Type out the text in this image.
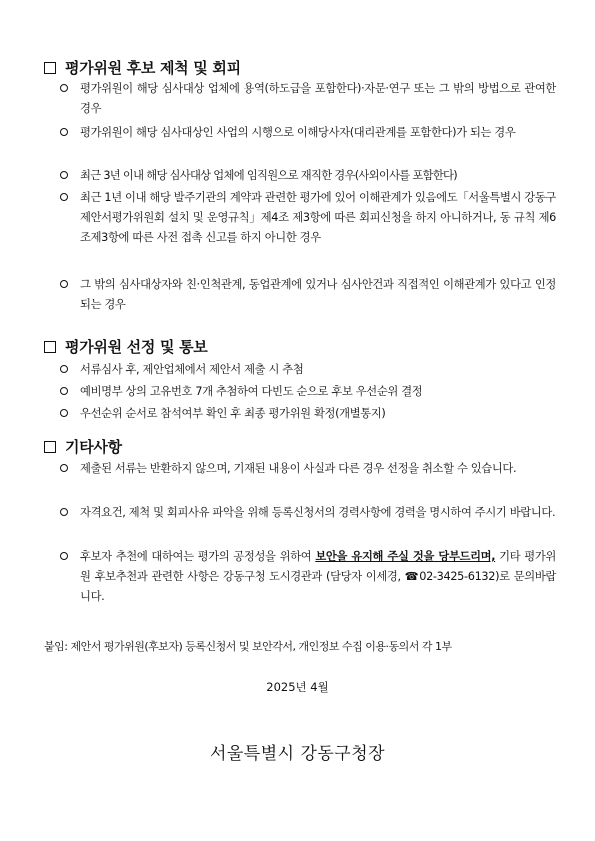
평가위원 후보 제척 및 회피
평가위원이 해당 심사대상 업체에 용역(하도급을 포함한다)·자문·연구 또는 그 밖의 방법으로 관여한 경우
평가위원이 해당 심사대상인 사업의 시행으로 이해당사자(대리관계를 포함한다)가 되는 경우
최근 3년 이내 해당 심사대상 업체에 임직원으로 재직한 경우(사외이사를 포함한다)
최근 1년 이내 해당 발주기관의 계약과 관련한 평가에 있어 이해관계가 있음에도「서울특별시 강동구 제안서평가위원회 설치 및 운영규칙」제4조 제3항에 따른 회피신청을 하지 아니하거나, 동 규칙 제6조제3항에 따른 사전 접촉 신고를 하지 아니한 경우
그 밖의 심사대상자와 친·인척관계, 동업관계에 있거나 심사안건과 직접적인 이해관계가 있다고 인정되는 경우
평가위원 선정 및 통보
서류심사 후, 제안업체에서 제안서 제출 시 추첨
예비명부 상의 고유번호 7개 추첨하여 다빈도 순으로 후보 우선순위 결정
우선순위 순서로 참석여부 확인 후 최종 평가위원 확정(개별통지)
기타사항
제출된 서류는 반환하지 않으며, 기재된 내용이 사실과 다른 경우 선정을 취소할 수 있습니다.
자격요건, 제척 및 회피사유 파악을 위해 등록신청서의 경력사항에 경력을 명시하여 주시기 바랍니다.
후보자 추천에 대하여는 평가의 공정성을 위하여 보안을 유지해 주실 것을 당부드리며, 기타 평가위원 후보추천과 관련한 사항은 강동구청 도시경관과 (담당자 이세경, ☎02-3425-6132)로 문의바랍니다.
붙임: 제안서 평가위원(후보자) 등록신청서 및 보안각서, 개인정보 수집 이용·동의서 각 1부
2025년 4월
서울특별시 강동구청장
